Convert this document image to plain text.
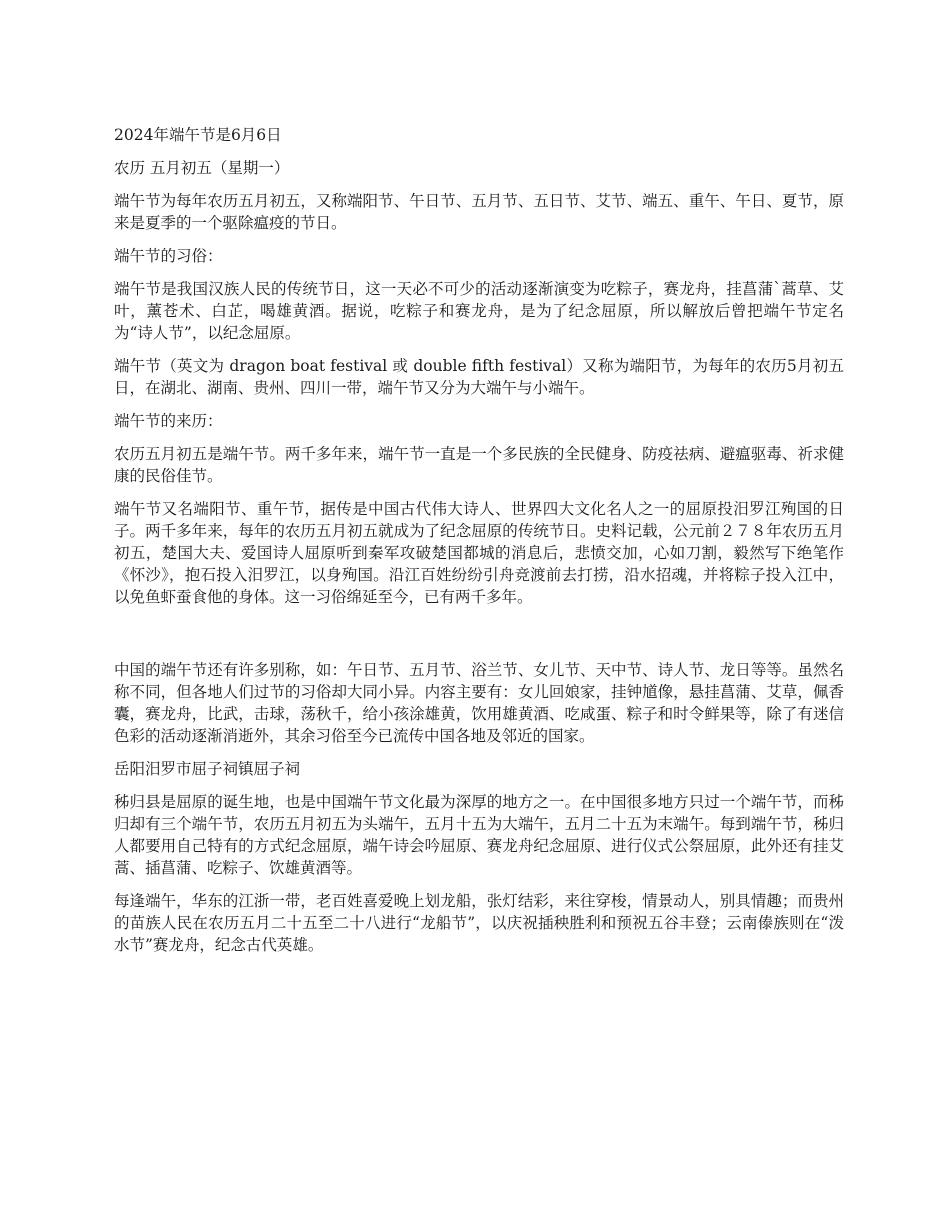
2024年端午节是6月6日

农历 五月初五（星期一）

端午节为每年农历五月初五，又称端阳节、午日节、五月节、五日节、艾节、端五、重午、午日、夏节，原来是夏季的一个驱除瘟疫的节日。

端午节的习俗：

端午节是我国汉族人民的传统节日，这一天必不可少的活动逐渐演变为吃粽子，赛龙舟，挂菖蒲`蒿草、艾叶，薰苍术、白芷，喝雄黄酒。据说，吃粽子和赛龙舟，是为了纪念屈原，所以解放后曾把端午节定名为“诗人节”，以纪念屈原。

端午节（英文为 dragon boat festival 或 double fifth festival）又称为端阳节，为每年的农历5月初五日，在湖北、湖南、贵州、四川一带，端午节又分为大端午与小端午。

端午节的来历：

农历五月初五是端午节。两千多年来，端午节一直是一个多民族的全民健身、防疫祛病、避瘟驱毒、祈求健康的民俗佳节。

端午节又名端阳节、重午节，据传是中国古代伟大诗人、世界四大文化名人之一的屈原投汨罗江殉国的日子。两千多年来，每年的农历五月初五就成为了纪念屈原的传统节日。史料记载，公元前２７８年农历五月初五，楚国大夫、爱国诗人屈原听到秦军攻破楚国都城的消息后，悲愤交加，心如刀割，毅然写下绝笔作《怀沙》，抱石投入汨罗江，以身殉国。沿江百姓纷纷引舟竞渡前去打捞，沿水招魂，并将粽子投入江中，以免鱼虾蚕食他的身体。这一习俗绵延至今，已有两千多年。

中国的端午节还有许多别称，如：午日节、五月节、浴兰节、女儿节、天中节、诗人节、龙日等等。虽然名称不同，但各地人们过节的习俗却大同小异。内容主要有：女儿回娘家，挂钟馗像，悬挂菖蒲、艾草，佩香囊，赛龙舟，比武，击球，荡秋千，给小孩涂雄黄，饮用雄黄酒、吃咸蛋、粽子和时令鲜果等，除了有迷信色彩的活动逐渐消逝外，其余习俗至今已流传中国各地及邻近的国家。

岳阳汨罗市屈子祠镇屈子祠

秭归县是屈原的诞生地，也是中国端午节文化最为深厚的地方之一。在中国很多地方只过一个端午节，而秭归却有三个端午节，农历五月初五为头端午，五月十五为大端午，五月二十五为末端午。每到端午节，秭归人都要用自己特有的方式纪念屈原，端午诗会吟屈原、赛龙舟纪念屈原、进行仪式公祭屈原，此外还有挂艾蒿、插菖蒲、吃粽子、饮雄黄酒等。

每逢端午，华东的江浙一带，老百姓喜爱晚上划龙船，张灯结彩，来往穿梭，情景动人，别具情趣；而贵州的苗族人民在农历五月二十五至二十八进行“龙船节”，以庆祝插秧胜利和预祝五谷丰登；云南傣族则在“泼水节”赛龙舟，纪念古代英雄。
